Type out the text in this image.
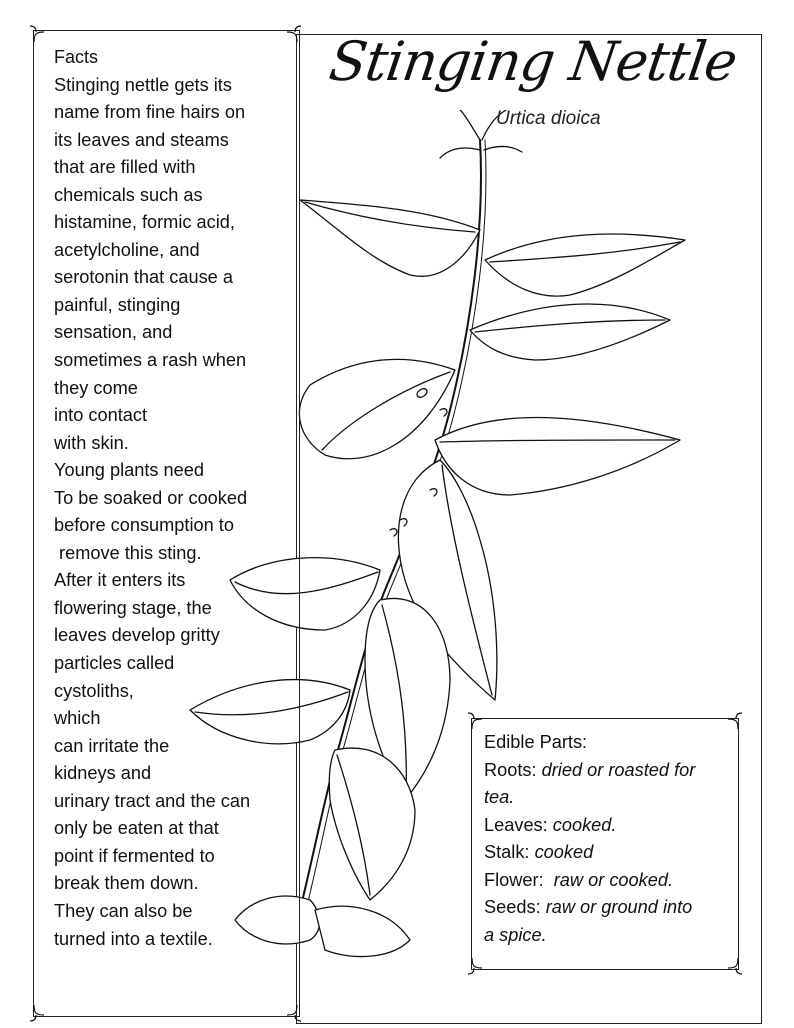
Stinging Nettle

Urtica dioica

Facts
Stinging nettle gets its
name from fine hairs on
its leaves and steams
that are filled with
chemicals such as
histamine, formic acid,
acetylcholine, and
serotonin that cause a
painful, stinging
sensation, and
sometimes a rash when
they come
into contact
with skin.
Young plants need
To be soaked or cooked
before consumption to
remove this sting.
After it enters its
flowering stage, the
leaves develop gritty
particles called
cystoliths,
which
can irritate the
kidneys and
urinary tract and the can
only be eaten at that
point if fermented to
break them down.
They can also be
turned into a textile.
Edible Parts:
Roots: dried or roasted for
tea.
Leaves: cooked.
Stalk: cooked
Flower: raw or cooked.
Seeds: raw or ground into
a spice.
